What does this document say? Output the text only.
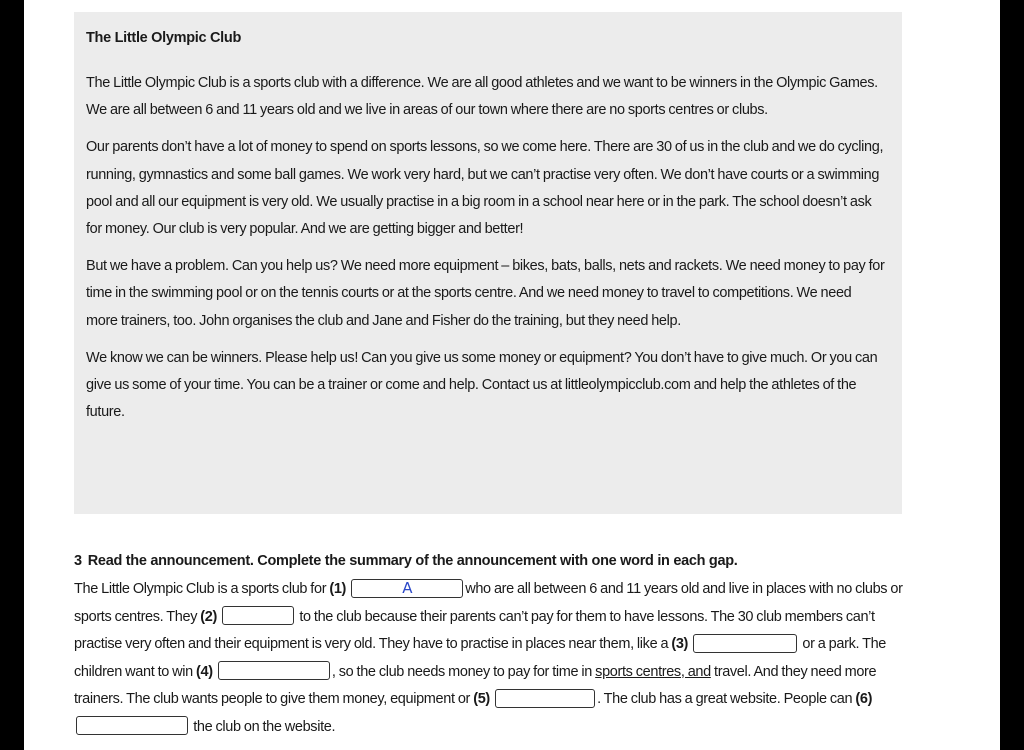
The Little Olympic Club

The Little Olympic Club is a sports club with a difference. We are all good athletes and we want to be winners in the Olympic Games. We are all between 6 and 11 years old and we live in areas of our town where there are no sports centres or clubs.

Our parents don’t have a lot of money to spend on sports lessons, so we come here. There are 30 of us in the club and we do cycling, running, gymnastics and some ball games. We work very hard, but we can’t practise very often. We don’t have courts or a swimming pool and all our equipment is very old. We usually practise in a big room in a school near here or in the park. The school doesn’t ask for money. Our club is very popular. And we are getting bigger and better!

But we have a problem. Can you help us? We need more equipment – bikes, bats, balls, nets and rackets. We need money to pay for time in the swimming pool or on the tennis courts or at the sports centre. And we need money to travel to competitions. We need more trainers, too. John organises the club and Jane and Fisher do the training, but they need help.

We know we can be winners. Please help us! Can you give us some money or equipment? You don’t have to give much. Or you can give us some of your time. You can be a trainer or come and help. Contact us at littleolympicclub.com and help the athletes of the future.

3 Read the announcement. Complete the summary of the announcement with one word in each gap.
The Little Olympic Club is a sports club for (1)	A	who are all between 6 and 11 years old and live in places with no clubs or sports centres. They (2)	to the club because their parents can’t pay for them to have lessons. The 30 club members can’t practise very often and their equipment is very old. They have to practise in places near them, like a (3)	or a park. The children want to win (4)	, so the club needs money to pay for time in sports centres, and travel. And they need more trainers. The club wants people to give them money, equipment or (5)	. The club has a great website. People can (6)  the club on the website.
